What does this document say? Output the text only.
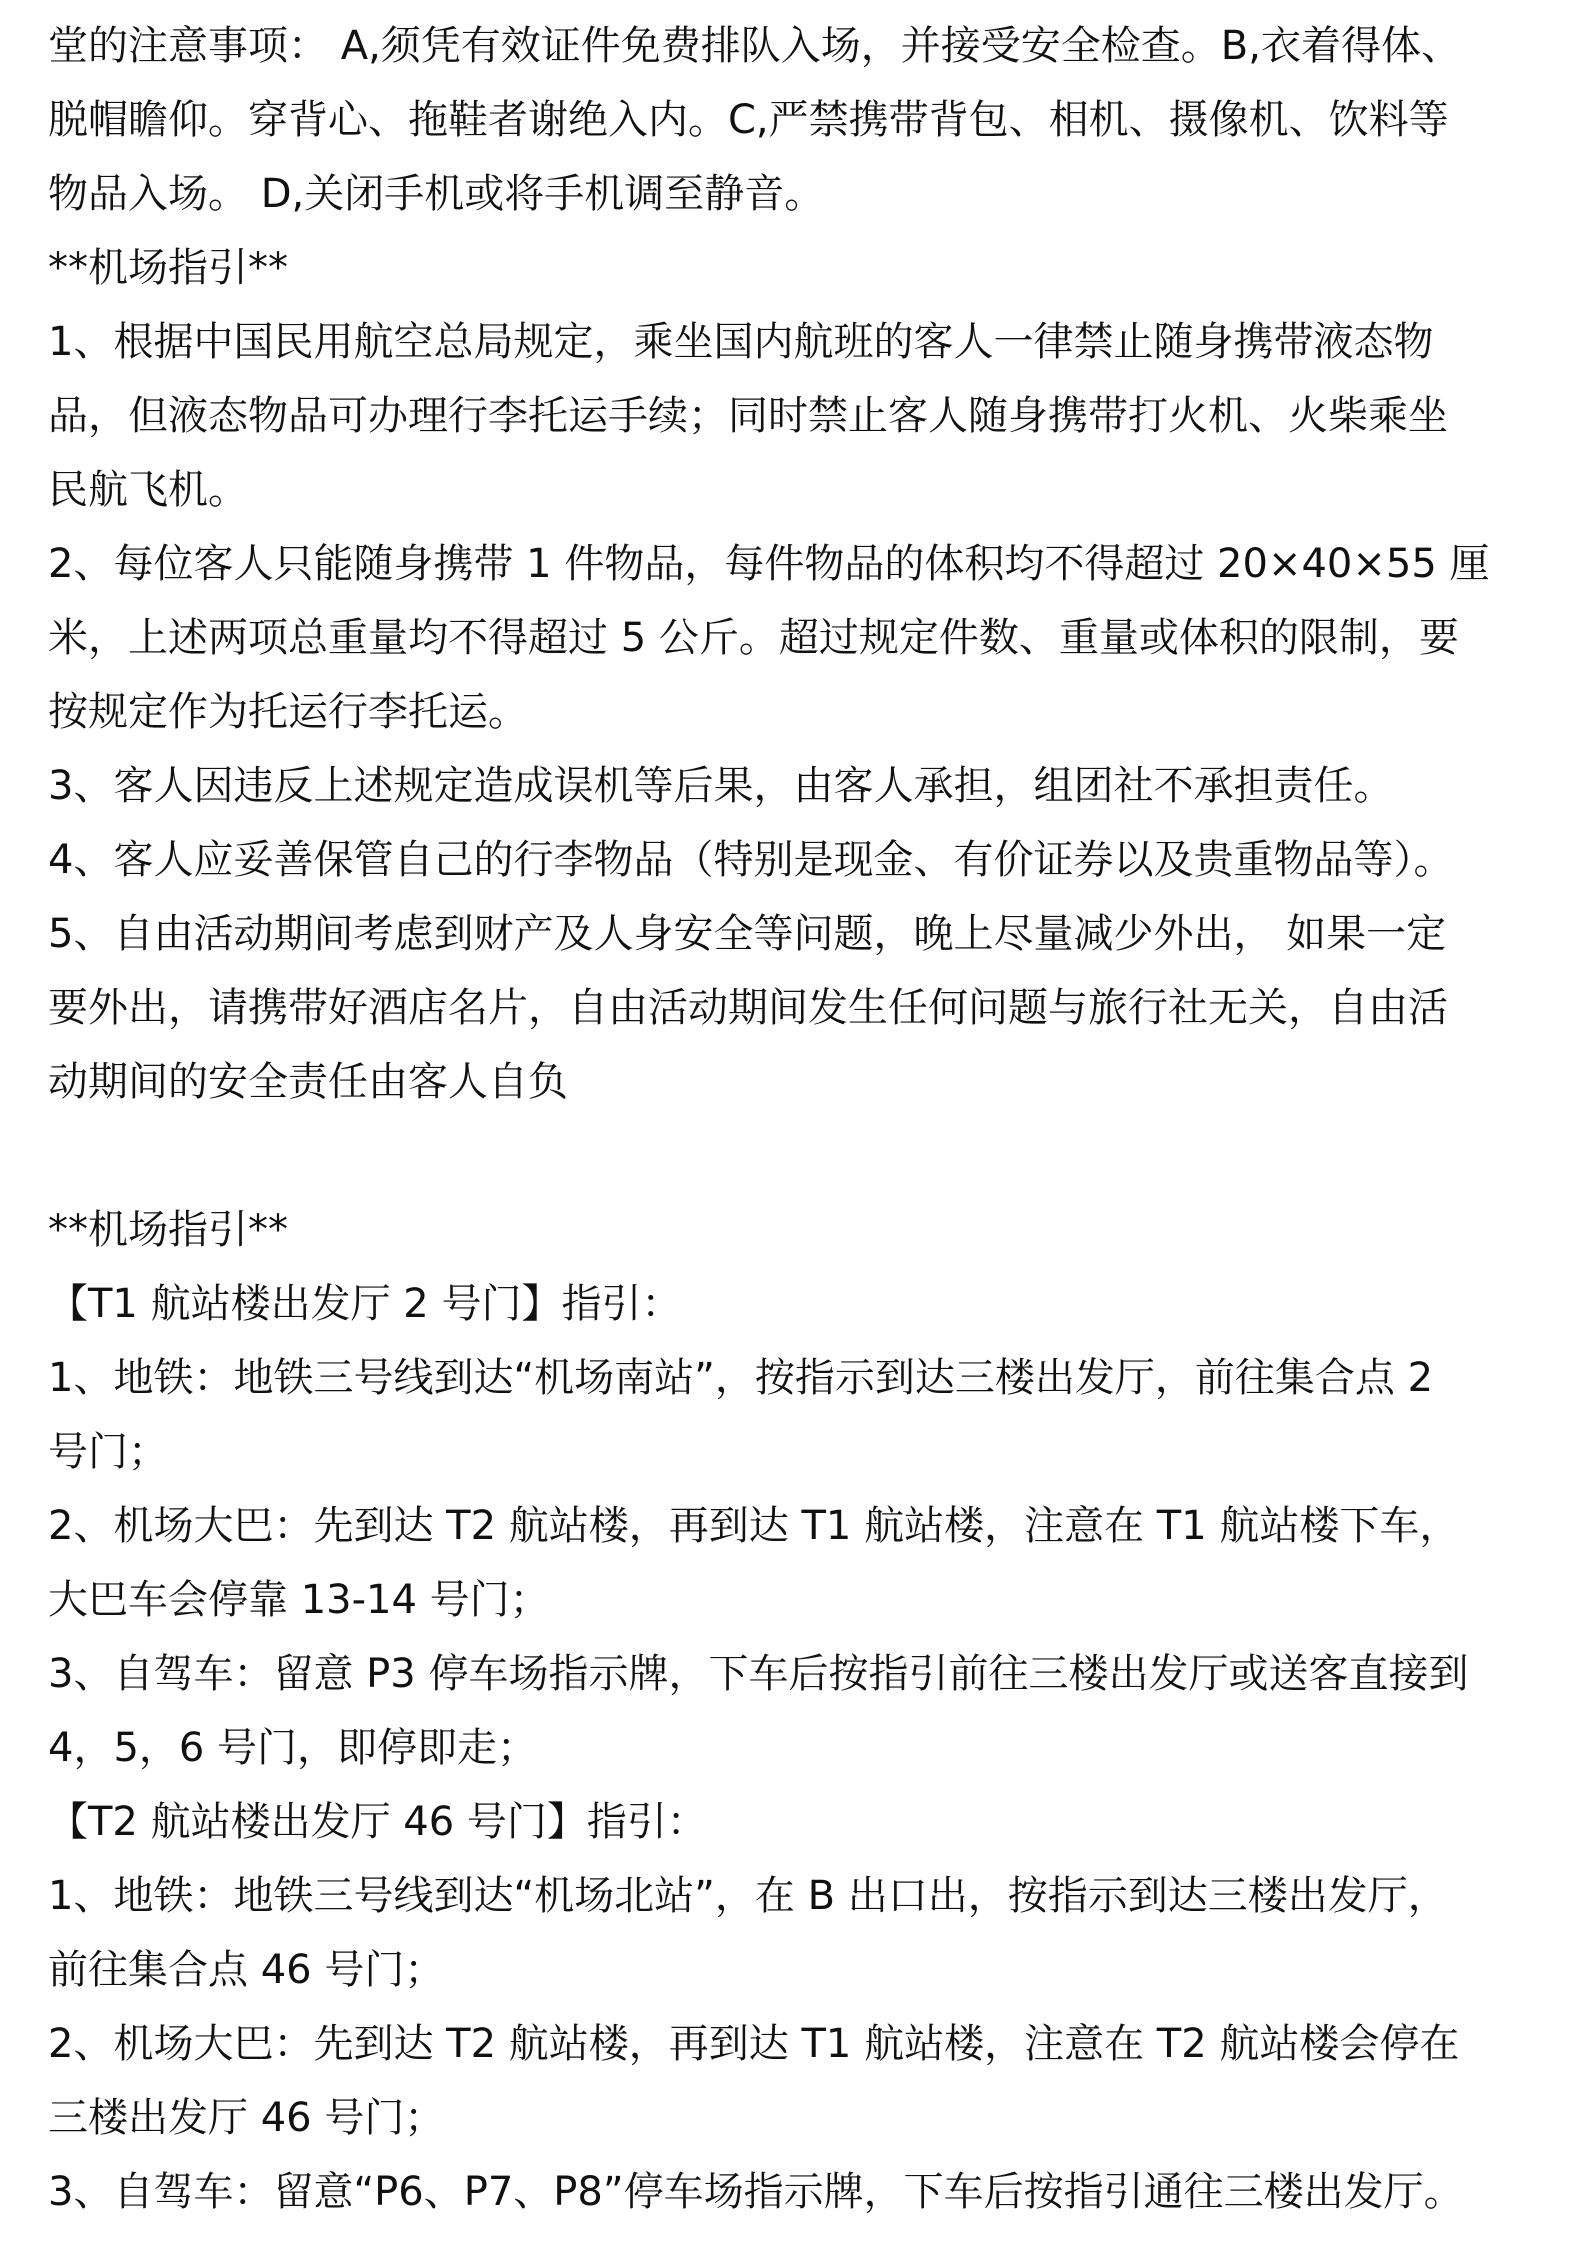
堂的注意事项： A,须凭有效证件免费排队入场，并接受安全检查。B,衣着得体、
脱帽瞻仰。穿背心、拖鞋者谢绝入内。C,严禁携带背包、相机、摄像机、饮料等
物品入场。 D,关闭手机或将手机调至静音。
**机场指引**
1、根据中国民用航空总局规定，乘坐国内航班的客人一律禁止随身携带液态物
品，但液态物品可办理行李托运手续；同时禁止客人随身携带打火机、火柴乘坐
民航飞机。
2、每位客人只能随身携带 1 件物品，每件物品的体积均不得超过 20×40×55 厘
米，上述两项总重量均不得超过 5 公斤。超过规定件数、重量或体积的限制，要
按规定作为托运行李托运。
3、客人因违反上述规定造成误机等后果，由客人承担，组团社不承担责任。
4、客人应妥善保管自己的行李物品（特别是现金、有价证券以及贵重物品等）。
5、自由活动期间考虑到财产及人身安全等问题，晚上尽量减少外出， 如果一定
要外出，请携带好酒店名片，自由活动期间发生任何问题与旅行社无关，自由活
动期间的安全责任由客人自负
**机场指引**
【T1 航站楼出发厅 2 号门】指引：
1、地铁：地铁三号线到达“机场南站”，按指示到达三楼出发厅，前往集合点 2
号门；
2、机场大巴：先到达 T2 航站楼，再到达 T1 航站楼，注意在 T1 航站楼下车，
大巴车会停靠 13-14 号门；
3、自驾车：留意 P3 停车场指示牌，下车后按指引前往三楼出发厅或送客直接到
4，5，6 号门，即停即走；
【T2 航站楼出发厅 46 号门】指引：
1、地铁：地铁三号线到达“机场北站”，在 B 出口出，按指示到达三楼出发厅，
前往集合点 46 号门；
2、机场大巴：先到达 T2 航站楼，再到达 T1 航站楼，注意在 T2 航站楼会停在
三楼出发厅 46 号门；
3、自驾车：留意“P6、P7、P8”停车场指示牌，下车后按指引通往三楼出发厅。
